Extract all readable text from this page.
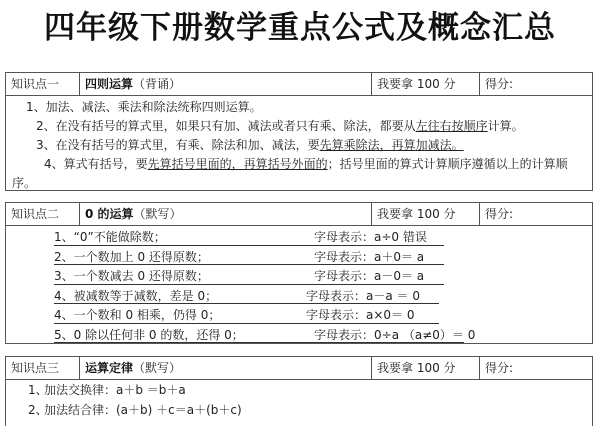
四年级下册数学重点公式及概念汇总
知识点一	四则运算（背诵）	我要拿 100 分	得分:

1、加法、减法、乘法和除法统称四则运算。

2、在没有括号的算式里，如果只有加、减法或者只有乘、除法，都要从左往右按顺序计算。

3、在没有括号的算式里，有乘、除法和加、减法，要先算乘除法，再算加减法。

4、算式有括号，要先算括号里面的，再算括号外面的；括号里面的算式计算顺序遵循以上的计算顺序。

知识点二	0 的运算（默写）	我要拿 100 分	得分:
1、“0”不能做除数；	字母表示：a÷0 错误
2、一个数加上 0 还得原数；	字母表示：a＋0＝ a
3、一个数减去 0 还得原数；	字母表示：a－0＝ a
4、被减数等于减数，差是 0；	字母表示：a－a ＝ 0
4、一个数和 0 相乘，仍得 0；	字母表示：a×0＝ 0
5、0 除以任何非 0 的数，还得 0；	字母表示：0÷a （a≠0）＝ 0
知识点三	运算定律（默写）	我要拿 100 分	得分:
1、
加法交换律：a＋b ＝b＋a
2、
加法结合律：(a＋b) ＋c＝a＋(b＋c)
